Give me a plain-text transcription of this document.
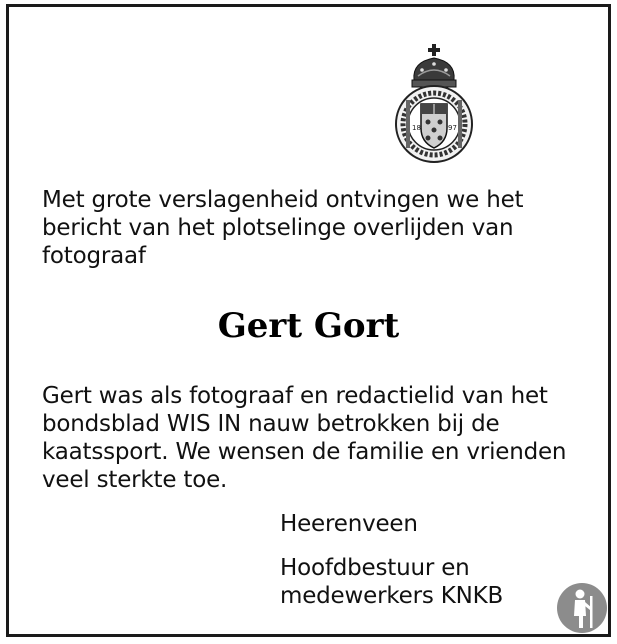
18	97
Met grote verslagenheid ontvingen we het bericht van het plotselinge overlijden van fotograaf
Gert Gort
Gert was als fotograaf en redactielid van het bondsblad WIS IN nauw betrokken bij de kaatssport. We wensen de familie en vrienden veel sterkte toe.
Heerenveen
Hoofdbestuur en
medewerkers KNKB
